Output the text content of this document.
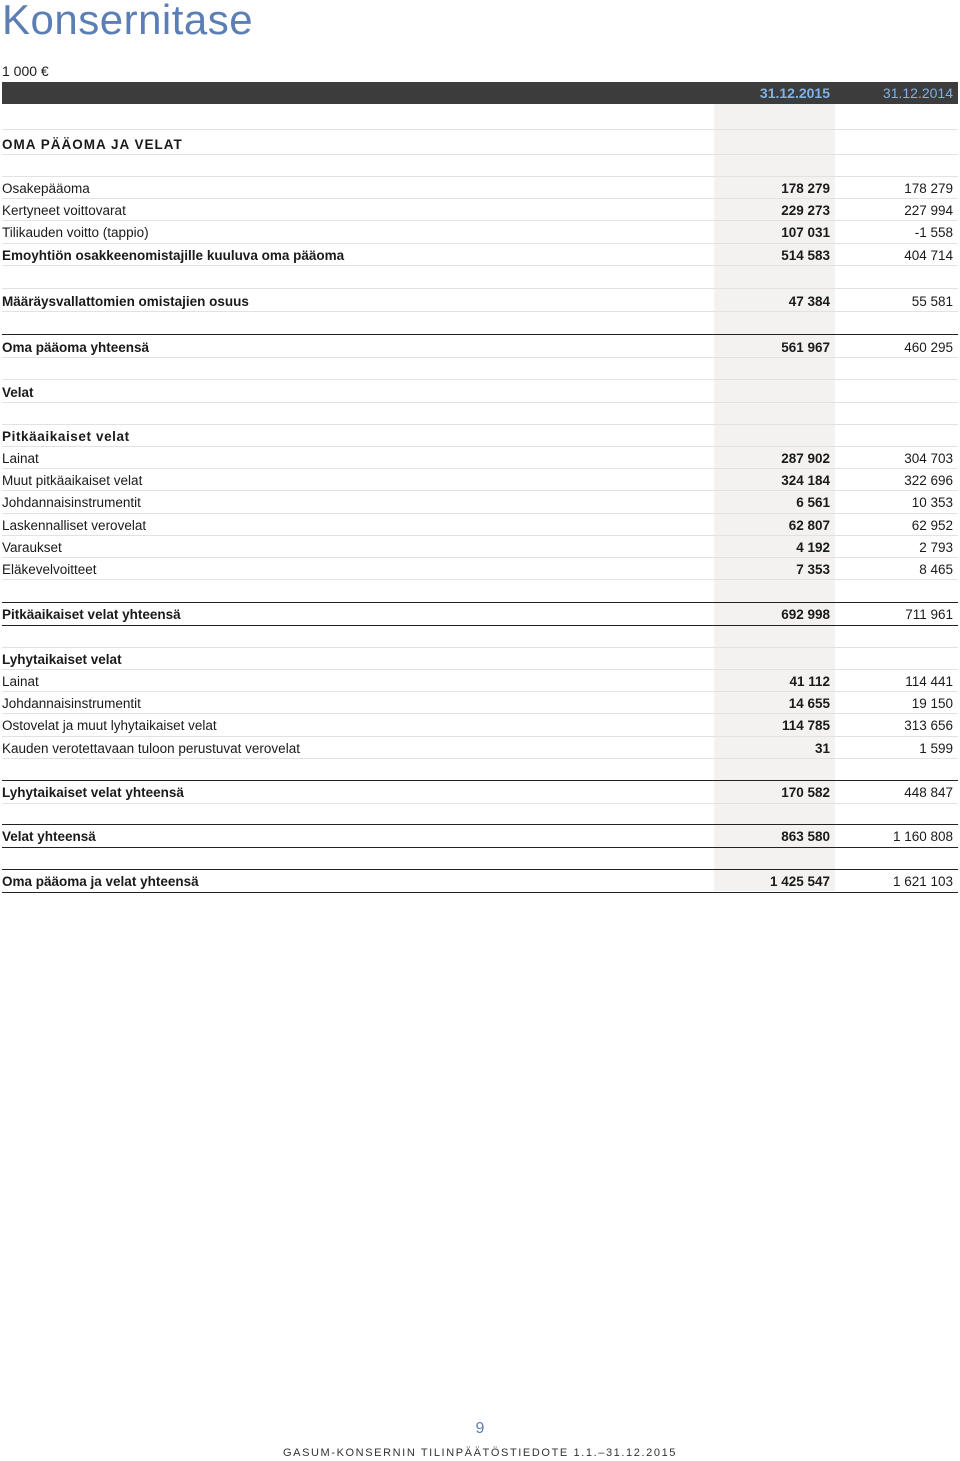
Konsernitase
1 000 €
31.12.2015	31.12.2014
OMA PÄÄOMA JA VELAT
Osakepääoma	178 279	178 279
Kertyneet voittovarat	229 273	227 994
Tilikauden voitto (tappio)	107 031	-1 558
Emoyhtiön osakkeenomistajille kuuluva oma pääoma	514 583	404 714
Määräysvallattomien omistajien osuus	47 384	55 581
Oma pääoma yhteensä	561 967	460 295
Velat
Pitkäaikaiset velat
Lainat	287 902	304 703
Muut pitkäaikaiset velat	324 184	322 696
Johdannaisinstrumentit	6 561	10 353
Laskennalliset verovelat	62 807	62 952
Varaukset	4 192	2 793
Eläkevelvoitteet	7 353	8 465
Pitkäaikaiset velat yhteensä	692 998	711 961
Lyhytaikaiset velat
Lainat	41 112	114 441
Johdannaisinstrumentit	14 655	19 150
Ostovelat ja muut lyhytaikaiset velat	114 785	313 656
Kauden verotettavaan tuloon perustuvat verovelat	31	1 599
Lyhytaikaiset velat yhteensä	170 582	448 847
Velat yhteensä	863 580	1 160 808
Oma pääoma ja velat yhteensä	1 425 547	1 621 103
9
GASUM-KONSERNIN TILINPÄÄTÖSTIEDOTE 1.1.–31.12.2015
